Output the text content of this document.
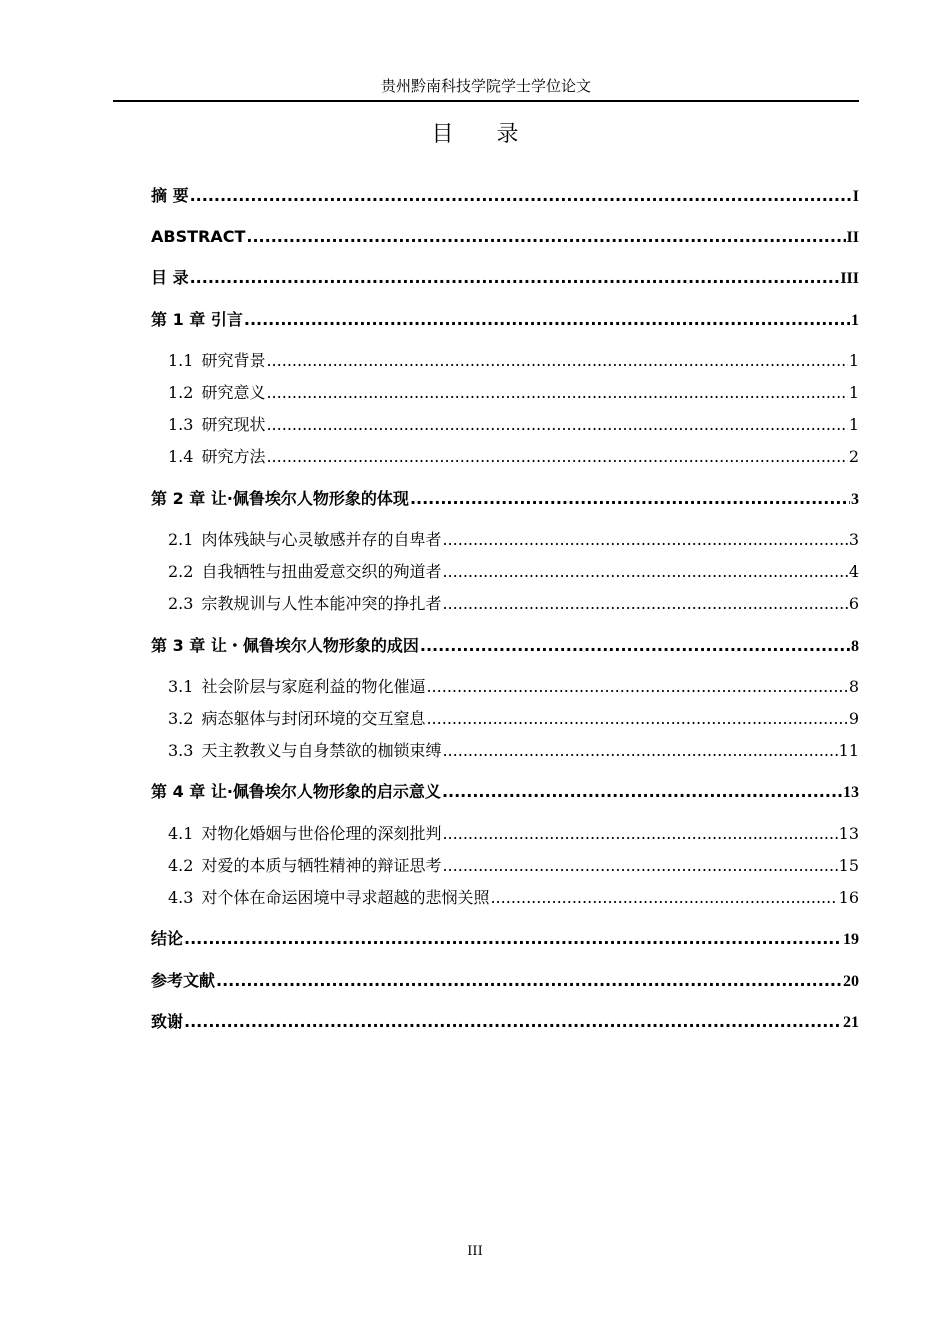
贵州黔南科技学院学士学位论文
目 录
摘 要 .....	I
ABSTRACT .....	II
目 录 .....	III
第 1 章 引言 .....	1
1.1 研究背景 .....	1
1.2 研究意义 .....	1
1.3 研究现状 .....	1
1.4 研究方法 .....	2
第 2 章 让·佩鲁埃尔人物形象的体现 .....	3
2.1 肉体残缺与心灵敏感并存的自卑者 .....	3
2.2 自我牺牲与扭曲爱意交织的殉道者 .....	4
2.3 宗教规训与人性本能冲突的挣扎者 .....	6
第 3 章 让・佩鲁埃尔人物形象的成因 .....	8
3.1 社会阶层与家庭利益的物化催逼 .....	8
3.2 病态躯体与封闭环境的交互窒息 .....	9
3.3 天主教教义与自身禁欲的枷锁束缚 .....	11
第 4 章 让·佩鲁埃尔人物形象的启示意义 .....	13
4.1 对物化婚姻与世俗伦理的深刻批判 .....	13
4.2 对爱的本质与牺牲精神的辩证思考 .....	15
4.3 对个体在命运困境中寻求超越的悲悯关照 .....	16
结论 .....	19
参考文献 .....	20
致谢 .....	21
III
